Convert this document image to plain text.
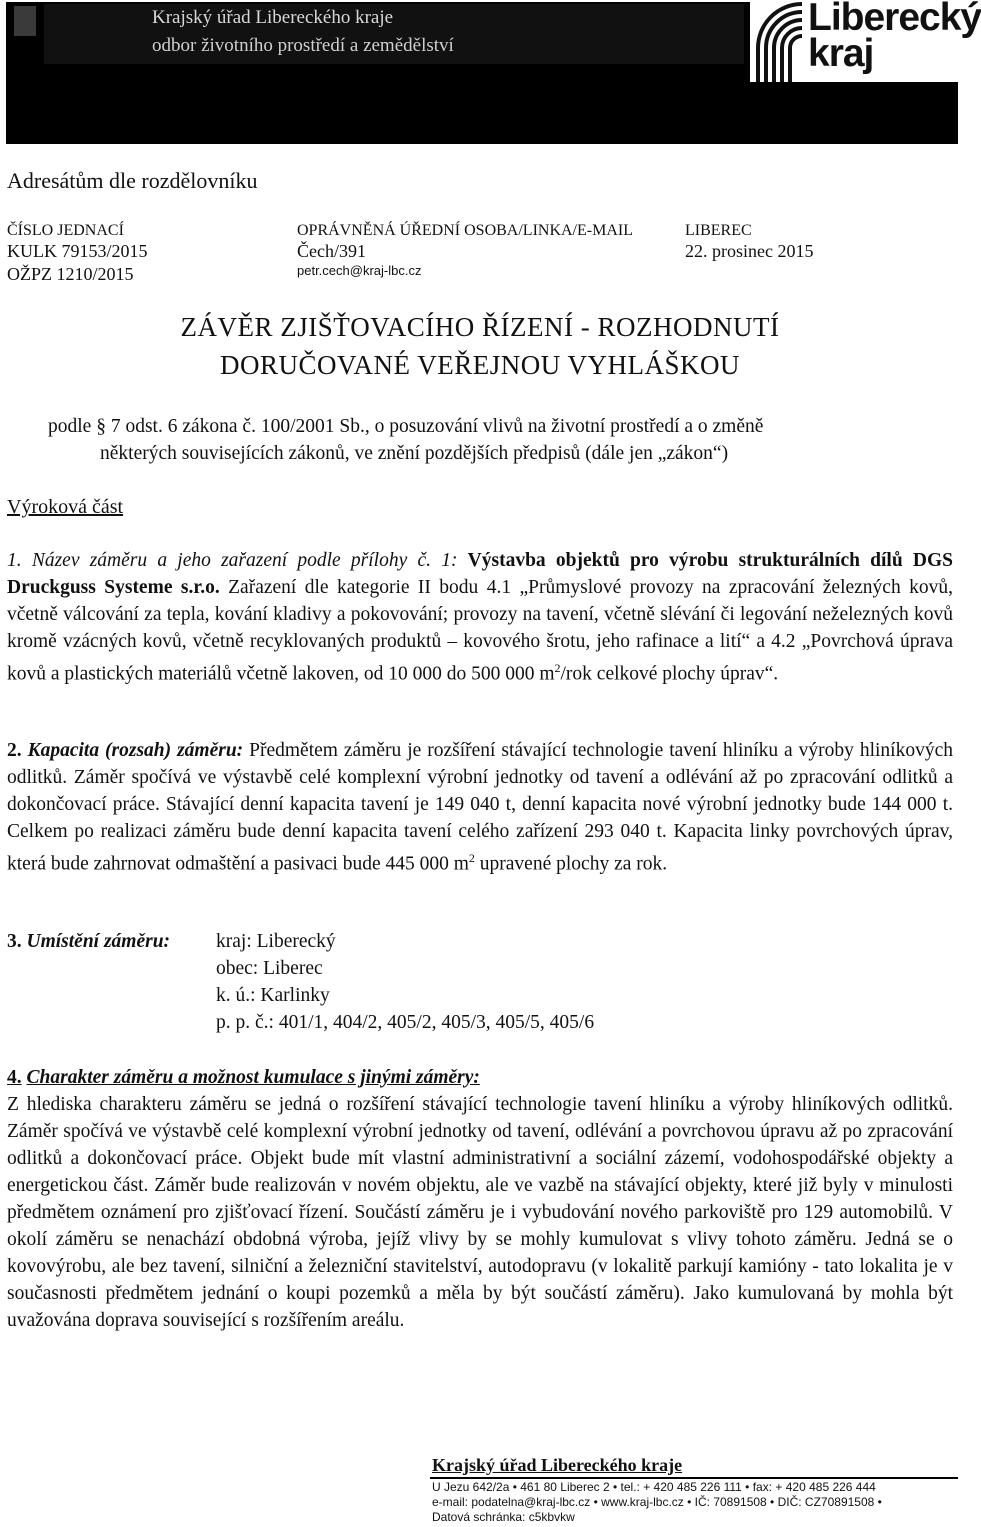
Krajský úřad Libereckého kraje
odbor životního prostředí a zemědělství
Liberecký
kraj
Adresátům dle rozdělovníku
ČÍSLO JEDNACÍ
KULK 79153/2015
OŽPZ 1210/2015
OPRÁVNĚNÁ ÚŘEDNÍ OSOBA/LINKA/E-MAIL
Čech/391
petr.cech@kraj-lbc.cz
LIBEREC
22. prosinec 2015
ZÁVĚR ZJIŠŤOVACÍHO ŘÍZENÍ - ROZHODNUTÍ
DORUČOVANÉ VEŘEJNOU VYHLÁŠKOU
podle § 7 odst. 6 zákona č. 100/2001 Sb., o posuzování vlivů na životní prostředí a o změně
některých souvisejících zákonů, ve znění pozdějších předpisů (dále jen „zákon“)
Výroková část

1. Název záměru a jeho zařazení podle přílohy č. 1: Výstavba objektů pro výrobu strukturálních dílů DGS Druckguss Systeme s.r.o. Zařazení dle kategorie II bodu 4.1 „Průmyslové provozy na zpracování železných kovů, včetně válcování za tepla, kování kladivy a pokovování; provozy na tavení, včetně slévání či legování neželezných kovů kromě vzácných kovů, včetně recyklovaných produktů – kovového šrotu, jeho rafinace a lití“ a 4.2 „Povrchová úprava kovů a plastických materiálů včetně lakoven, od 10 000 do 500 000 $m^2$/rok celkové plochy úprav“.

2. Kapacita (rozsah) záměru: Předmětem záměru je rozšíření stávající technologie tavení hliníku a výroby hliníkových odlitků. Záměr spočívá ve výstavbě celé komplexní výrobní jednotky od tavení a odlévání až po zpracování odlitků a dokončovací práce. Stávající denní kapacita tavení je 149 040 t, denní kapacita nové výrobní jednotky bude 144 000 t. Celkem po realizaci záměru bude denní kapacita tavení celého zařízení 293 040 t. Kapacita linky povrchových úprav, která bude zahrnovat odmaštění a pasivaci bude 445 000 $m^2$ upravené plochy za rok.

3. Umístění záměru: kraj: Liberecký
obec: Liberec
k. ú.: Karlinky
p. p. č.: 401/1, 404/2, 405/2, 405/3, 405/5, 405/6
4. Charakter záměru a možnost kumulace s jinými záměry:
Z hlediska charakteru záměru se jedná o rozšíření stávající technologie tavení hliníku a výroby hliníkových odlitků. Záměr spočívá ve výstavbě celé komplexní výrobní jednotky od tavení, odlévání a povrchovou úpravu až po zpracování odlitků a dokončovací práce. Objekt bude mít vlastní administrativní a sociální zázemí, vodohospodářské objekty a energetickou část. Záměr bude realizován v novém objektu, ale ve vazbě na stávající objekty, které již byly v minulosti předmětem oznámení pro zjišťovací řízení. Součástí záměru je i vybudování nového parkoviště pro 129 automobilů. V okolí záměru se nenachází obdobná výroba, jejíž vlivy by se mohly kumulovat s vlivy tohoto záměru. Jedná se o kovovýrobu, ale bez tavení, silniční a železniční stavitelství, autodopravu (v lokalitě parkují kamióny - tato lokalita je v současnosti předmětem jednání o koupi pozemků a měla by být součástí záměru). Jako kumulovaná by mohla být uvažována doprava související s rozšířením areálu.
Krajský úřad Libereckého kraje
U Jezu 642/2a • 461 80 Liberec 2 • tel.: + 420 485 226 111 • fax: + 420 485 226 444
e-mail: podatelna@kraj-lbc.cz • www.kraj-lbc.cz • IČ: 70891508 • DIČ: CZ70891508 •
Datová schránka: c5kbvkw
